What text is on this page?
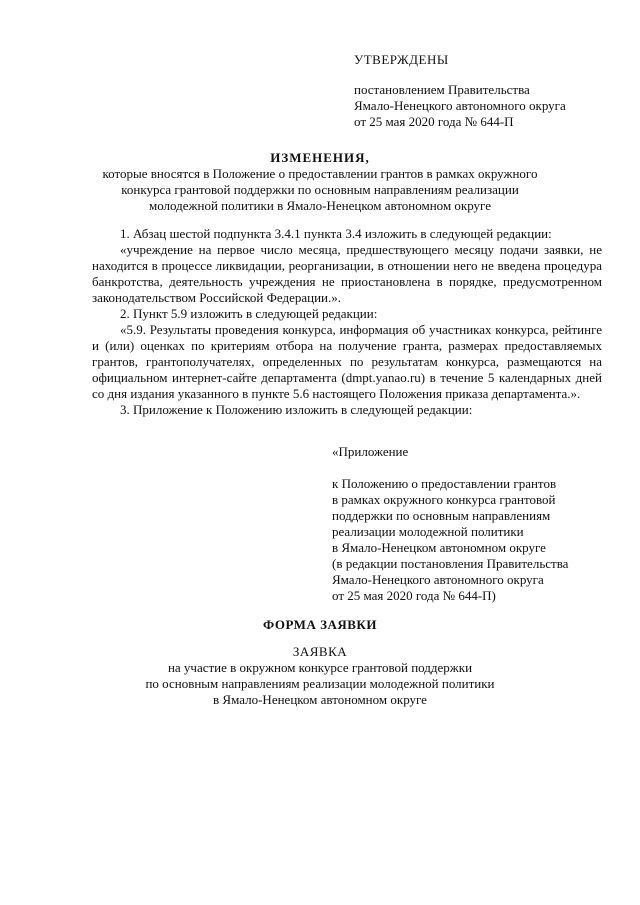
УТВЕРЖДЕНЫ
постановлением Правительства
Ямало-Ненецкого автономного округа
от 25 мая 2020 года № 644-П
ИЗМЕНЕНИЯ,
которые вносятся в Положение о предоставлении грантов в рамках окружного
конкурса грантовой поддержки по основным направлениям реализации
молодежной политики в Ямало-Ненецком автономном округе

1. Абзац шестой подпункта 3.4.1 пункта 3.4 изложить в следующей редакции:

«учреждение на первое число месяца, предшествующего месяцу подачи заявки, не находится в процессе ликвидации, реорганизации, в отношении него не введена процедура банкротства, деятельность учреждения не приостановлена в порядке, предусмотренном законодательством Российской Федерации.».

2. Пункт 5.9 изложить в следующей редакции:

«5.9. Результаты проведения конкурса, информация об участниках конкурса, рейтинге и (или) оценках по критериям отбора на получение гранта, размерах предоставляемых грантов, грантополучателях, определенных по результатам конкурса, размещаются на официальном интернет-сайте департамента (dmpt.yanao.ru) в течение 5 календарных дней со дня издания указанного в пункте 5.6 настоящего Положения приказа департамента.».

3. Приложение к Положению изложить в следующей редакции:

«Приложение
к Положению о предоставлении грантов
в рамках окружного конкурса грантовой
поддержки по основным направлениям
реализации молодежной политики
в Ямало-Ненецком автономном округе
(в редакции постановления Правительства
Ямало-Ненецкого автономного округа
от 25 мая 2020 года № 644-П)
ФОРМА ЗАЯВКИ
ЗАЯВКА
на участие в окружном конкурсе грантовой поддержки
по основным направлениям реализации молодежной политики
в Ямало-Ненецком автономном округе
